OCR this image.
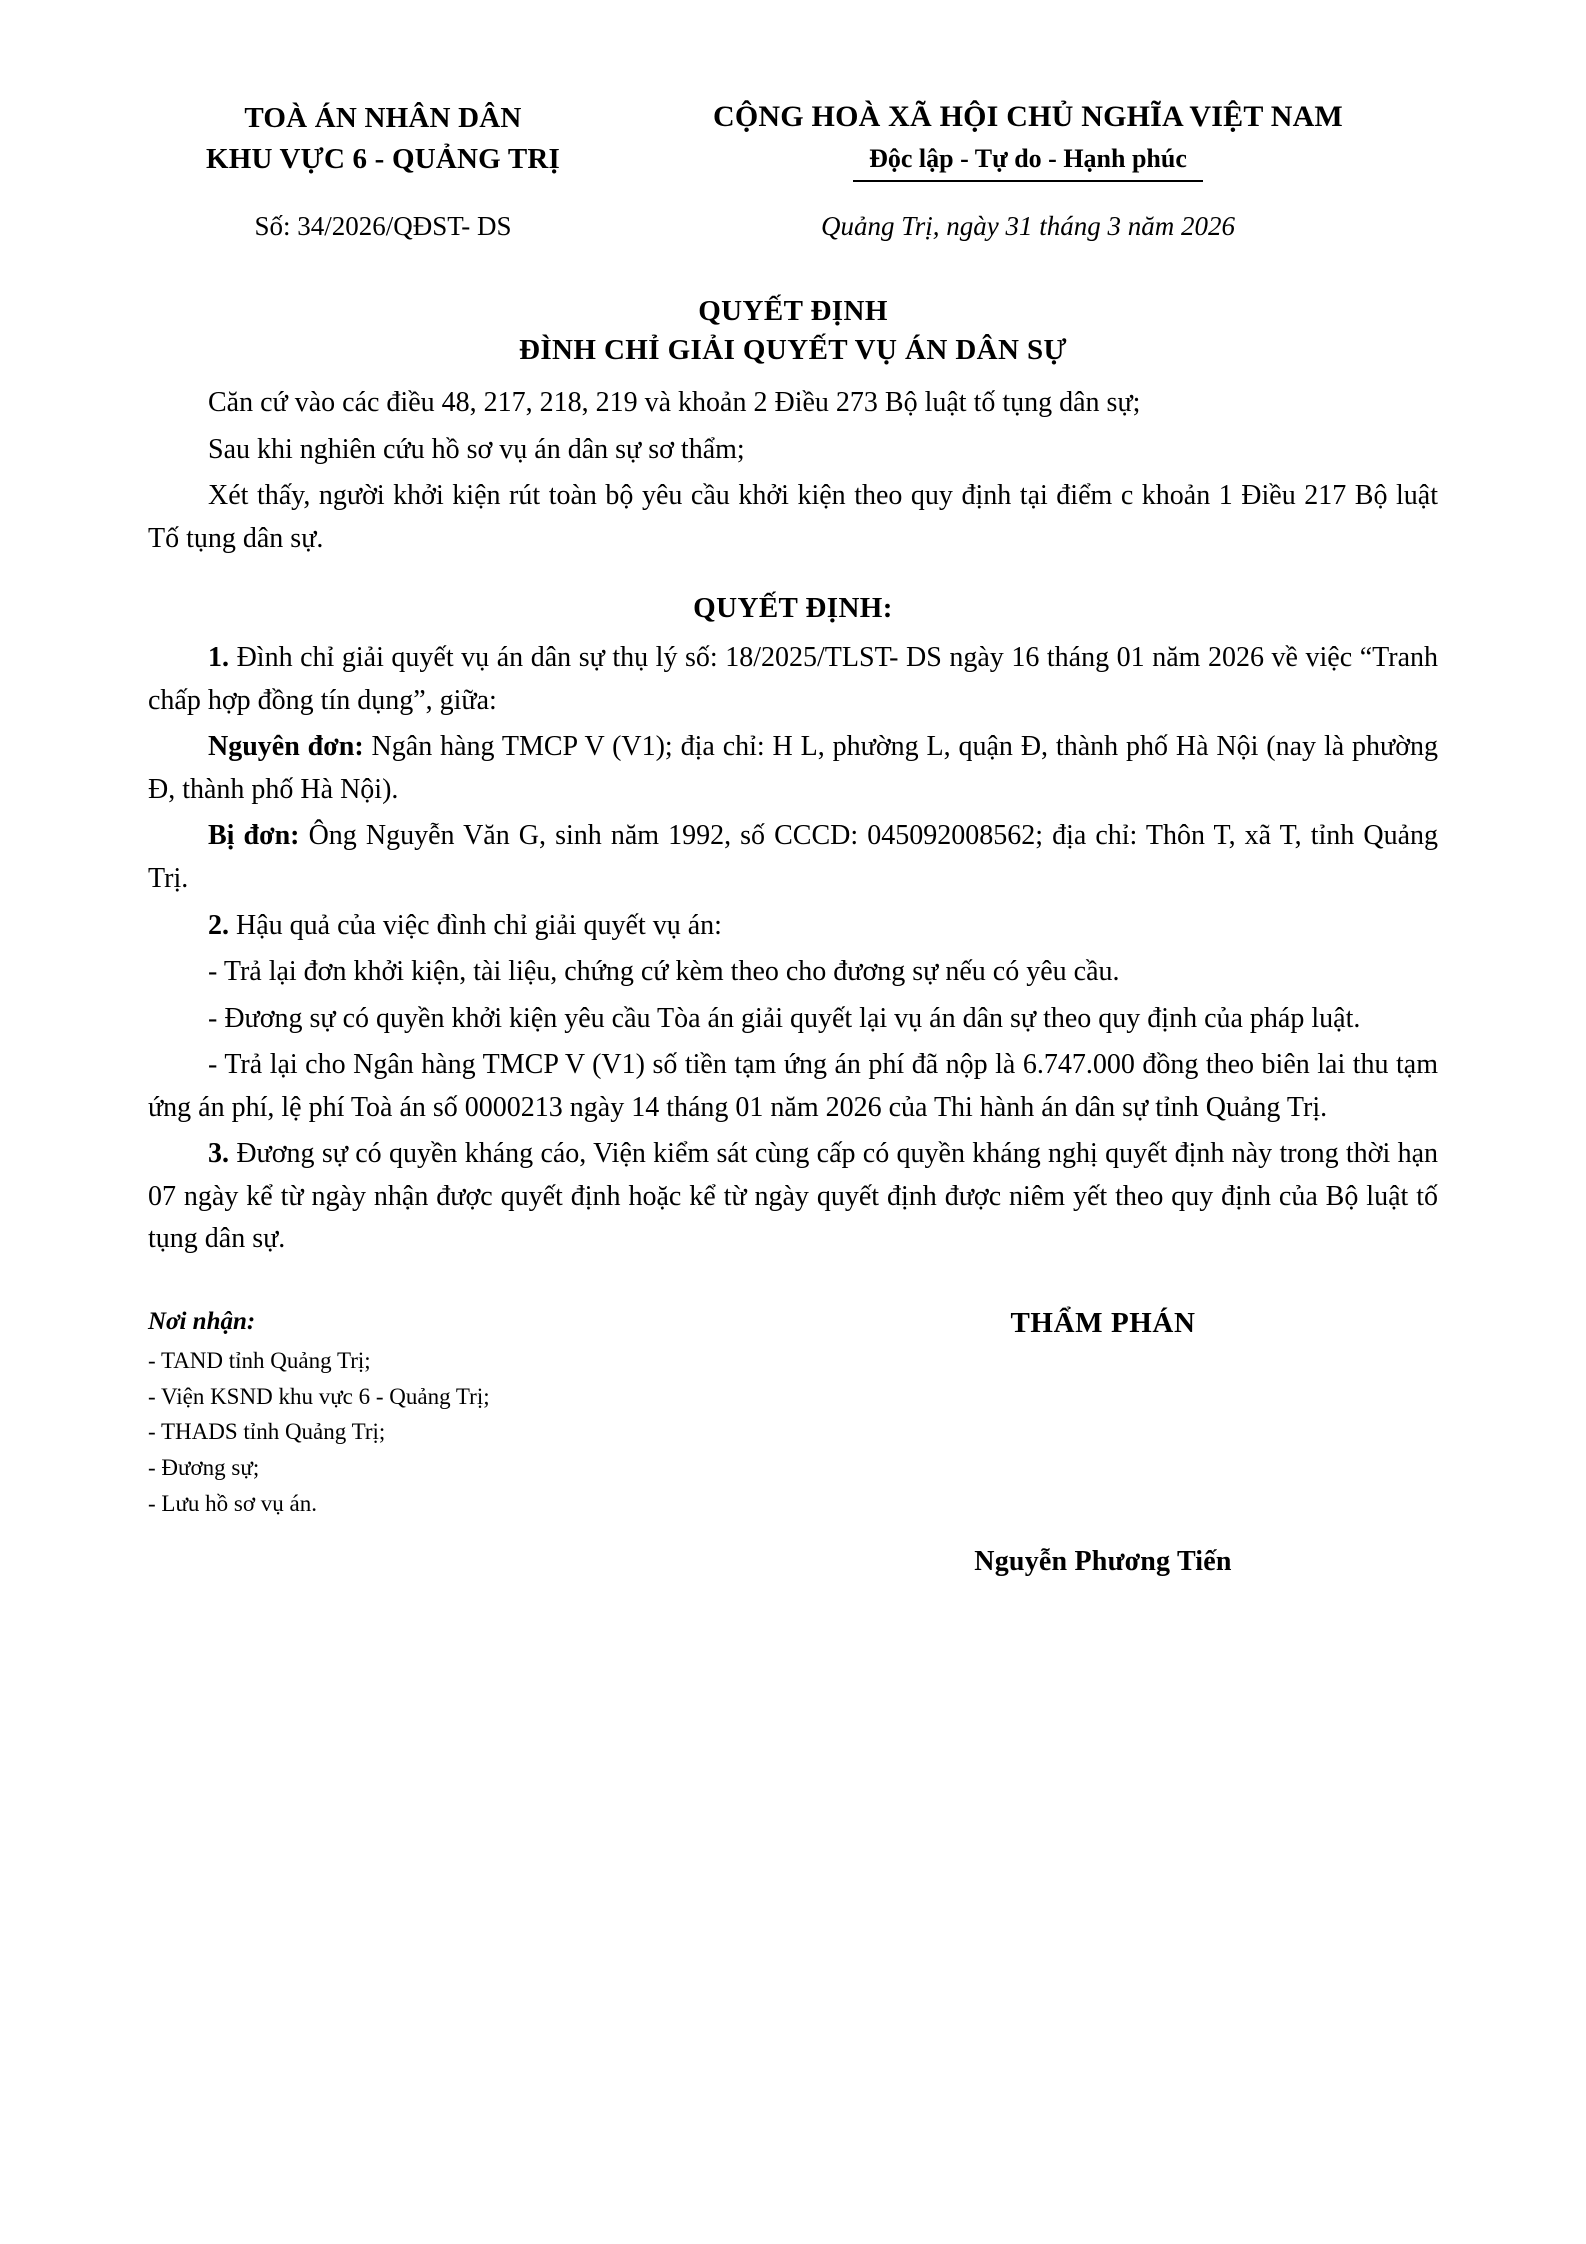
TOÀ ÁN NHÂN DÂN
KHU VỰC 6 - QUẢNG TRỊ
CỘNG HOÀ XÃ HỘI CHỦ NGHĨA VIỆT NAM
Độc lập - Tự do - Hạnh phúc
Số: 34/2026/QĐST- DS	Quảng Trị, ngày 31 tháng 3 năm 2026
QUYẾT ĐỊNH
ĐÌNH CHỈ GIẢI QUYẾT VỤ ÁN DÂN SỰ

Căn cứ vào các điều 48, 217, 218, 219 và khoản 2 Điều 273 Bộ luật tố tụng dân sự;

Sau khi nghiên cứu hồ sơ vụ án dân sự sơ thẩm;

Xét thấy, người khởi kiện rút toàn bộ yêu cầu khởi kiện theo quy định tại điểm c khoản 1 Điều 217 Bộ luật Tố tụng dân sự.

QUYẾT ĐỊNH:

1. Đình chỉ giải quyết vụ án dân sự thụ lý số: 18/2025/TLST- DS ngày 16 tháng 01 năm 2026 về việc “Tranh chấp hợp đồng tín dụng”, giữa:

Nguyên đơn: Ngân hàng TMCP V (V1); địa chỉ: H L, phường L, quận Đ, thành phố Hà Nội (nay là phường Đ, thành phố Hà Nội).

Bị đơn: Ông Nguyễn Văn G, sinh năm 1992, số CCCD: 045092008562; địa chỉ: Thôn T, xã T, tỉnh Quảng Trị.

2. Hậu quả của việc đình chỉ giải quyết vụ án:

- Trả lại đơn khởi kiện, tài liệu, chứng cứ kèm theo cho đương sự nếu có yêu cầu.

- Đương sự có quyền khởi kiện yêu cầu Tòa án giải quyết lại vụ án dân sự theo quy định của pháp luật.

- Trả lại cho Ngân hàng TMCP V (V1) số tiền tạm ứng án phí đã nộp là 6.747.000 đồng theo biên lai thu tạm ứng án phí, lệ phí Toà án số 0000213 ngày 14 tháng 01 năm 2026 của Thi hành án dân sự tỉnh Quảng Trị.

3. Đương sự có quyền kháng cáo, Viện kiểm sát cùng cấp có quyền kháng nghị quyết định này trong thời hạn 07 ngày kể từ ngày nhận được quyết định hoặc kể từ ngày quyết định được niêm yết theo quy định của Bộ luật tố tụng dân sự.

Nơi nhận:
- TAND tỉnh Quảng Trị;
- Viện KSND khu vực 6 - Quảng Trị;
- THADS tỉnh Quảng Trị;
- Đương sự;
- Lưu hồ sơ vụ án.
THẨM PHÁN
Nguyễn Phương Tiến
